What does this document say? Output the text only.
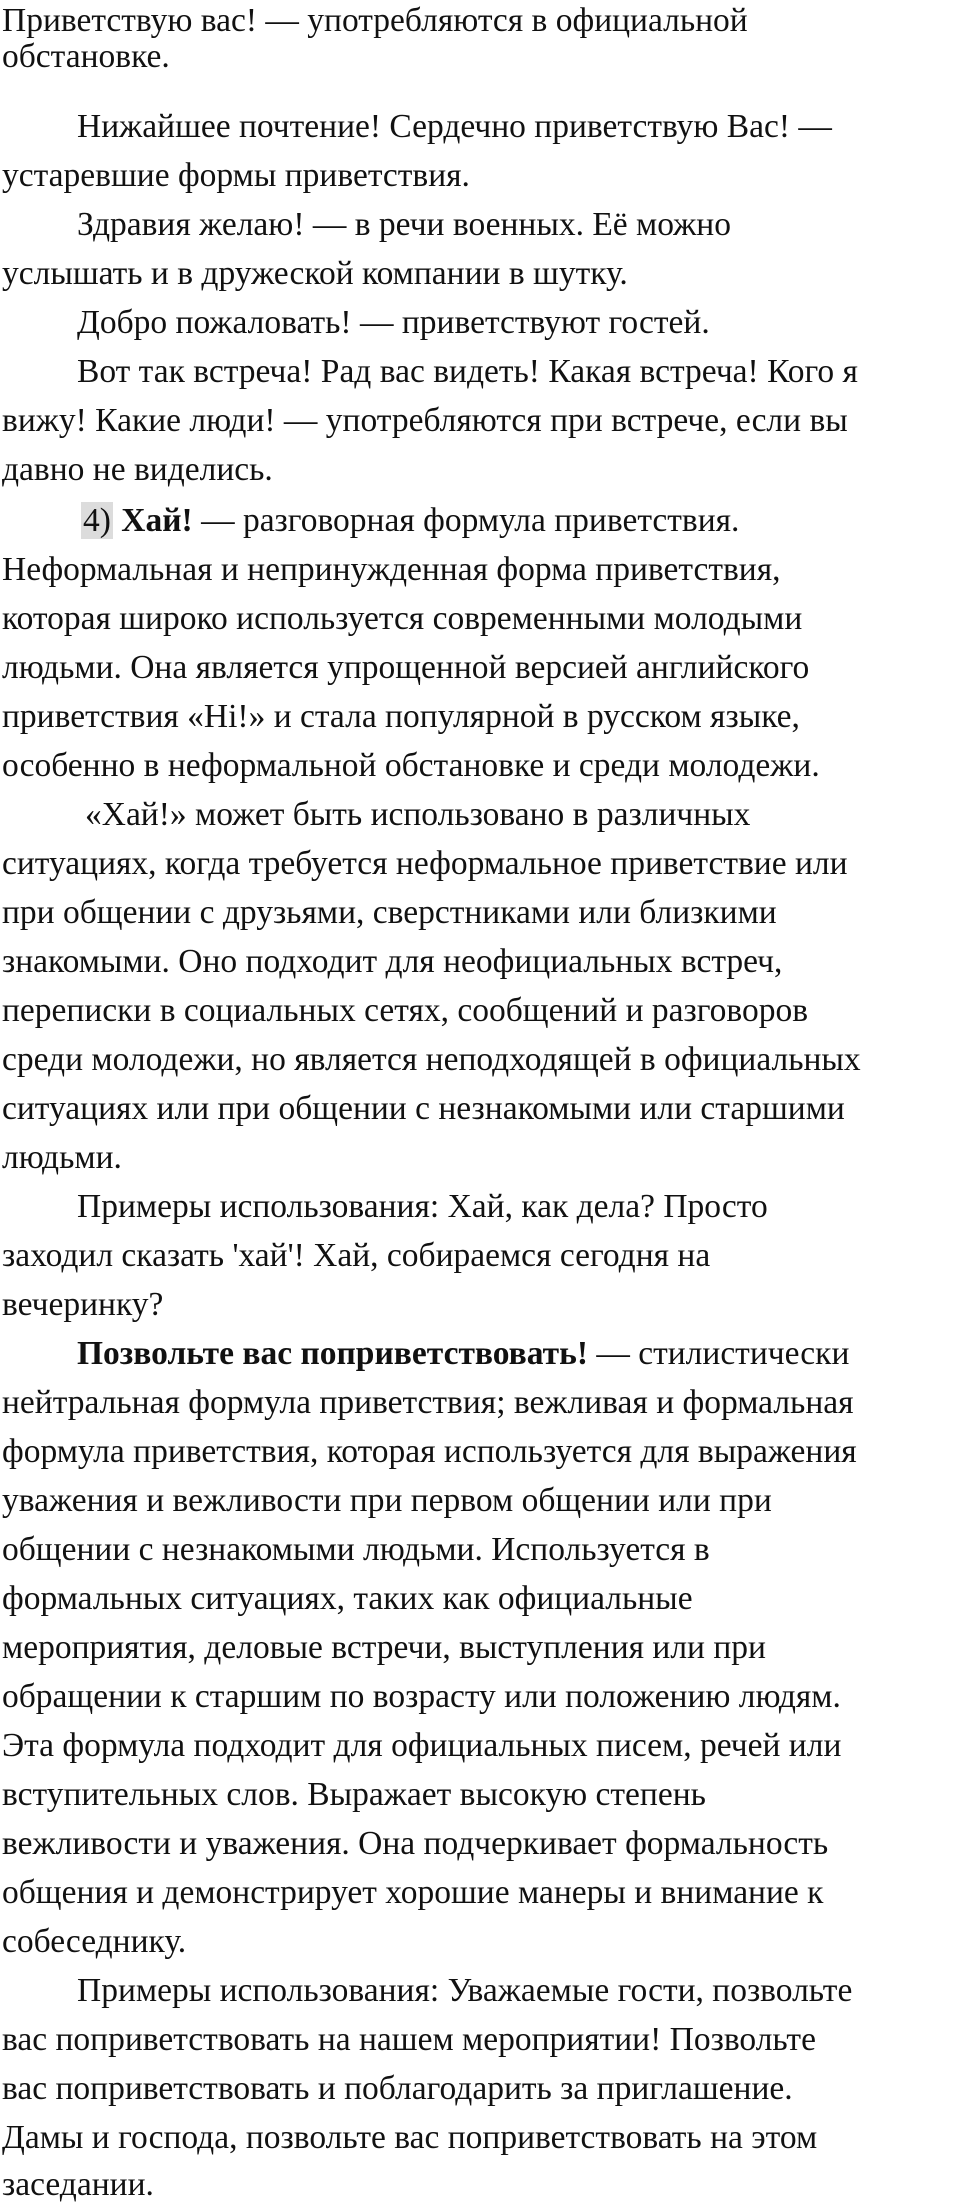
Приветствую вас! — употребляются в официальной
обстановке.
Нижайшее почтение! Сердечно приветствую Вас! —
устаревшие формы приветствия.
Здравия желаю! — в речи военных. Её можно
услышать и в дружеской компании в шутку.
Добро пожаловать! — приветствуют гостей.
Вот так встреча! Рад вас видеть! Какая встреча! Кого я
вижу! Какие люди! — употребляются при встрече, если вы
давно не виделись.
4) Хай! — разговорная формула приветствия.
Неформальная и непринужденная форма приветствия,
которая широко используется современными молодыми
людьми. Она является упрощенной версией английского
приветствия «Hi!» и стала популярной в русском языке,
особенно в неформальной обстановке и среди молодежи.
«Хай!» может быть использовано в различных
ситуациях, когда требуется неформальное приветствие или
при общении с друзьями, сверстниками или близкими
знакомыми. Оно подходит для неофициальных встреч,
переписки в социальных сетях, сообщений и разговоров
среди молодежи, но является неподходящей в официальных
ситуациях или при общении с незнакомыми или старшими
людьми.
Примеры использования: Хай, как дела? Просто
заходил сказать 'хай'! Хай, собираемся сегодня на
вечеринку?
Позвольте вас поприветствовать! — стилистически
нейтральная формула приветствия; вежливая и формальная
формула приветствия, которая используется для выражения
уважения и вежливости при первом общении или при
общении с незнакомыми людьми. Используется в
формальных ситуациях, таких как официальные
мероприятия, деловые встречи, выступления или при
обращении к старшим по возрасту или положению людям.
Эта формула подходит для официальных писем, речей или
вступительных слов. Выражает высокую степень
вежливости и уважения. Она подчеркивает формальность
общения и демонстрирует хорошие манеры и внимание к
собеседнику.
Примеры использования: Уважаемые гости, позвольте
вас поприветствовать на нашем мероприятии! Позвольте
вас поприветствовать и поблагодарить за приглашение.
Дамы и господа, позвольте вас поприветствовать на этом
заседании.
